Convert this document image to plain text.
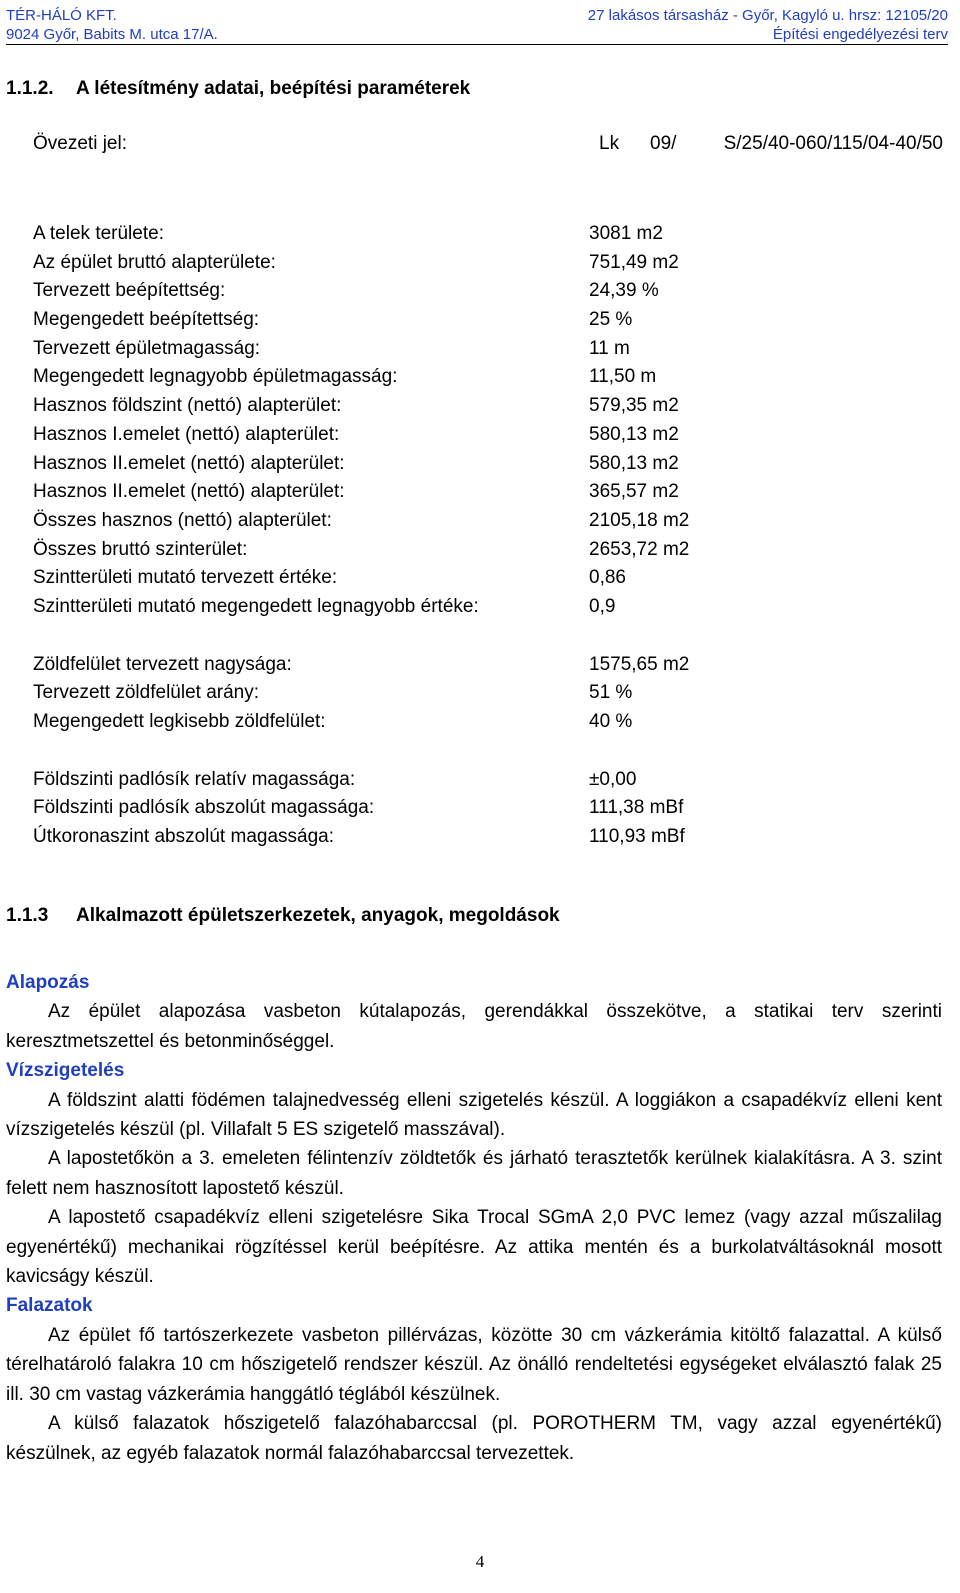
TÉR-HÁLÓ KFT.
9024 Győr, Babits M. utca 17/A.
27 lakásos társasház - Győr, Kagyló u. hrsz: 12105/20
Építési engedélyezési terv
1.1.2. A létesítmény adatai, beépítési paraméterek
Övezeti jel:	Lk 09/ S/25/40-060/115/04-40/50
A telek területe:	3081 m2
Az épület bruttó alapterülete:	751,49 m2
Tervezett beépítettség:	24,39 %
Megengedett beépítettség:	25 %
Tervezett épületmagasság:	11 m
Megengedett legnagyobb épületmagasság:	11,50 m
Hasznos földszint (nettó) alapterület:	579,35 m2
Hasznos I.emelet (nettó) alapterület:	580,13 m2
Hasznos II.emelet (nettó) alapterület:	580,13 m2
Hasznos II.emelet (nettó) alapterület:	365,57 m2
Összes hasznos (nettó) alapterület:	2105,18 m2
Összes bruttó szinterület:	2653,72 m2
Szintterületi mutató tervezett értéke:	0,86
Szintterületi mutató megengedett legnagyobb értéke:	0,9
Zöldfelület tervezett nagysága:	1575,65 m2
Tervezett zöldfelület arány:	51 %
Megengedett legkisebb zöldfelület:	40 %
Földszinti padlósík relatív magassága:	±0,00
Földszinti padlósík abszolút magassága:	111,38 mBf
Útkoronaszint abszolút magassága:	110,93 mBf
1.1.3 Alkalmazott épületszerkezetek, anyagok, megoldások

Alapozás

Az épület alapozása vasbeton kútalapozás, gerendákkal összekötve, a statikai terv szerinti keresztmetszettel és betonminőséggel.

Vízszigetelés

A földszint alatti födémen talajnedvesség elleni szigetelés készül. A loggiákon a csapadékvíz elleni kent vízszigetelés készül (pl. Villafalt 5 ES szigetelő masszával).

A lapostetőkön a 3. emeleten félintenzív zöldtetők és járható terasztetők kerülnek kialakításra. A 3. szint felett nem hasznosított lapostető készül.

A lapostető csapadékvíz elleni szigetelésre Sika Trocal SGmA 2,0 PVC lemez (vagy azzal műszalilag egyenértékű) mechanikai rögzítéssel kerül beépítésre. Az attika mentén és a burkolatváltásoknál mosott kavicságy készül.

Falazatok

Az épület fő tartószerkezete vasbeton pillérvázas, közötte 30 cm vázkerámia kitöltő falazattal. A külső térelhatároló falakra 10 cm hőszigetelő rendszer készül. Az önálló rendeltetési egységeket elválasztó falak 25 ill. 30 cm vastag vázkerámia hanggátló téglából készülnek.

A külső falazatok hőszigetelő falazóhabarccsal (pl. POROTHERM TM, vagy azzal egyenértékű) készülnek, az egyéb falazatok normál falazóhabarccsal tervezettek.

4
